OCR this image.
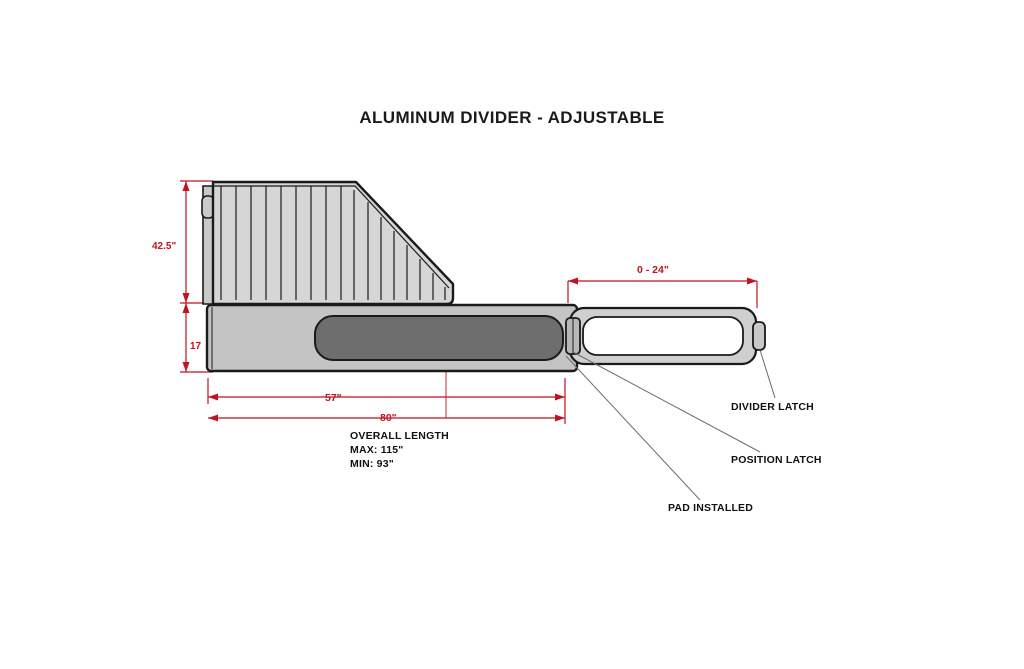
ALUMINUM DIVIDER - ADJUSTABLE
42.5"
17
0 - 24"
57"
80"
OVERALL LENGTH
MAX: 115"
MIN: 93"
DIVIDER LATCH
POSITION LATCH
PAD INSTALLED
